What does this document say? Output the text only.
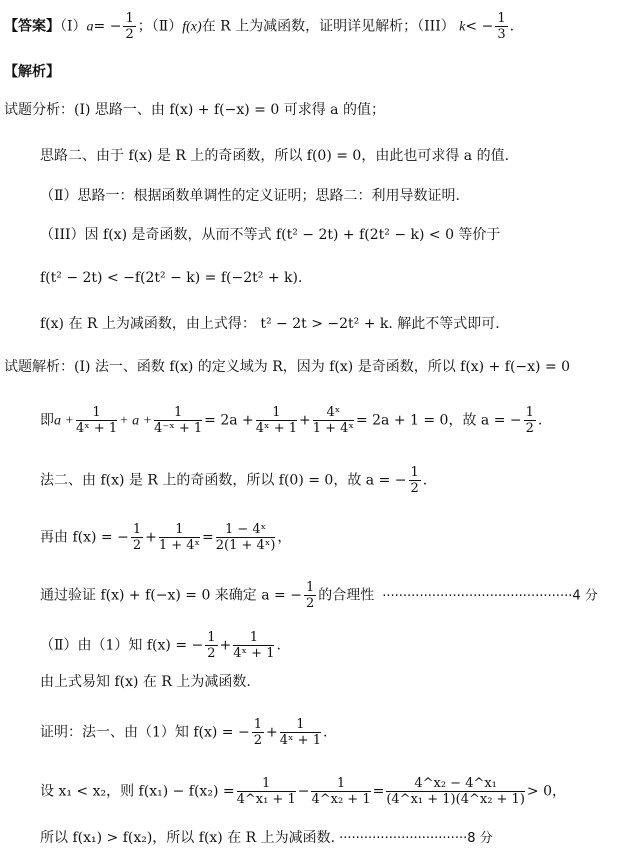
【答案】$(I)a= - \frac{1}{2}$ ；（Ⅱ）f(x)在 R 上为减函数，证明详见解析；（III） $k< - \frac{1}{3}$ .
【解析】
试题分析：(I) 思路一、由 f(x) + f(−x) = 0 可求得 a 的值；
思路二、由于 f(x) 是 R 上的奇函数，所以 f(0) = 0，由此也可求得 a 的值.
（Ⅱ）思路一：根据函数单调性的定义证明；思路二：利用导数证明.
（III）因 f(x) 是奇函数，从而不等式 f(t² − 2t) + f(2t² − k) < 0 等价于
f(t² − 2t) < −f(2t² − k) = f(−2t² + k).
f(x) 在 R 上为减函数，由上式得： t² − 2t > −2t² + k. 解此不等式即可.
试题解析：(I) 法一、函数 f(x) 的定义域为 R，因为 f(x) 是奇函数，所以 f(x) + f(−x) = 0
即$a + \frac{1}{\text{4ˣ + 1}} + a + \frac{1}{\text{4⁻ˣ + 1}} = 2a + \frac{1}{\text{4ˣ + 1}} + \frac{\text{4ˣ}}{\text{1 + 4ˣ}} = 2a + 1 = 0$，故 a = − $\frac{1}{2}$ .
法二、由 f(x) 是 R 上的奇函数，所以 f(0) = 0，故 a = − $\frac{1}{2}$ .
再由 f(x) = − $\frac{1}{2} + \frac{1}{\text{1 + 4ˣ}} = \frac{\text{1 − 4ˣ}}{\text{2(1 + 4ˣ)}}$ ，
通过验证 f(x) + f(−x) = 0 来确定 a = − $\frac{1}{2}$ 的合理性 ··············································4 分
（Ⅱ）由（1）知 f(x) = − $\frac{1}{2} + \frac{1}{\text{4ˣ + 1}}$ .
由上式易知 f(x) 在 R 上为减函数.
证明：法一、由（1）知 f(x) = − $\frac{1}{2} + \frac{1}{\text{4ˣ + 1}}$ .
设 x₁ < x₂，则 $f(x_1) - f(x_2) = \frac{1}{\text{4\textasciicircum{}x₁ + 1}} - \frac{1}{\text{4\textasciicircum{}x₂ + 1}} = \frac{\text{4\textasciicircum{}x₂ − 4\textasciicircum{}x₁}}{\text{(4\textasciicircum{}x₁ + 1)(4\textasciicircum{}x₂ + 1)}} > 0$，
所以 f(x₁) > f(x₂)，所以 f(x) 在 R 上为减函数. ·······························8 分
